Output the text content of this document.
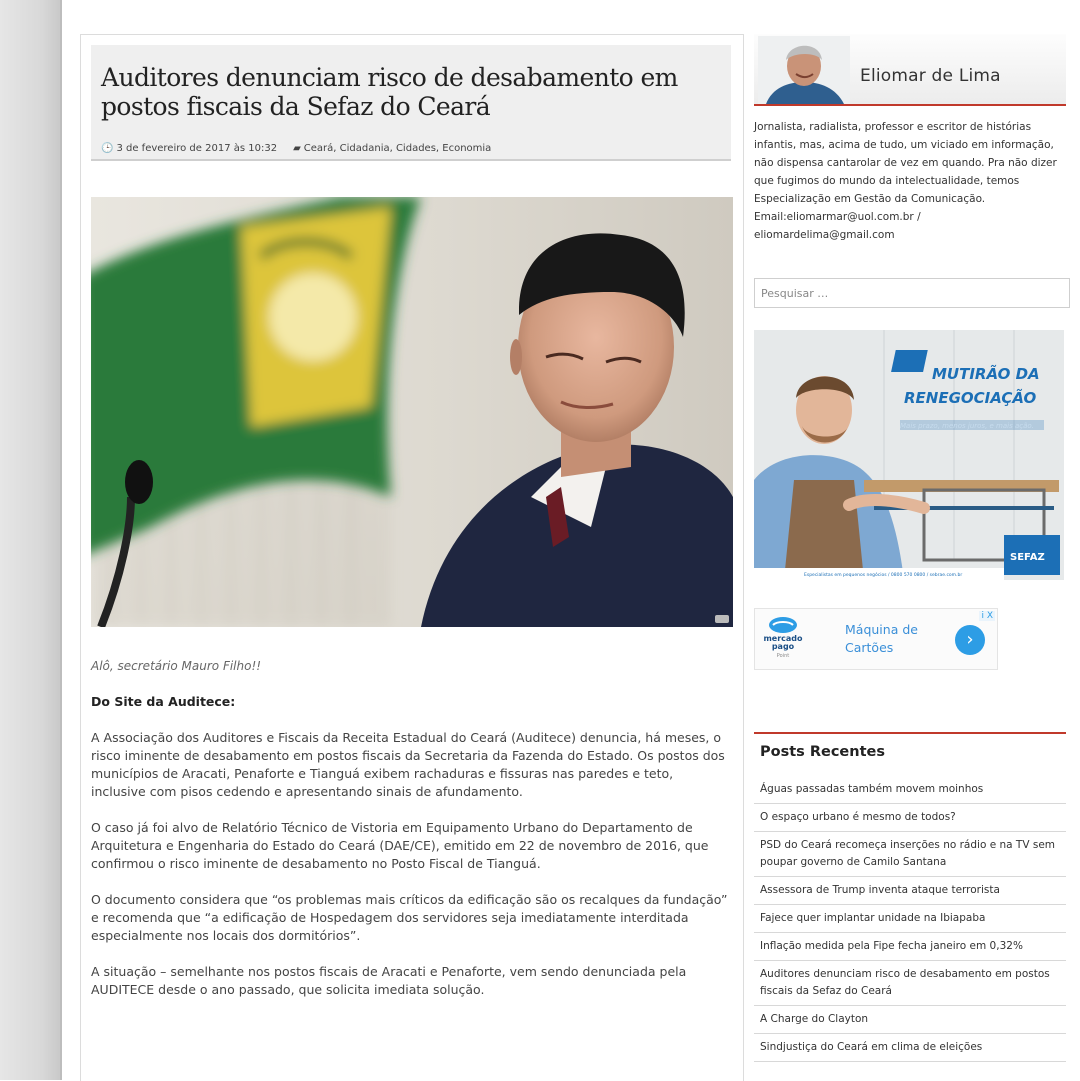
Auditores denunciam risco de desabamento em postos fiscais da Sefaz do Ceará
🕒 3 de fevereiro de 2017 às 10:32 ▰ Ceará, Cidadania, Cidades, Economia

Alô, secretário Mauro Filho!!

Do Site da Auditece:

A Associação dos Auditores e Fiscais da Receita Estadual do Ceará (Auditece) denuncia, há meses, o risco iminente de desabamento em postos fiscais da Secretaria da Fazenda do Estado. Os postos dos municípios de Aracati, Penaforte e Tianguá exibem rachaduras e fissuras nas paredes e teto, inclusive com pisos cedendo e apresentando sinais de afundamento.

O caso já foi alvo de Relatório Técnico de Vistoria em Equipamento Urbano do Departamento de Arquitetura e Engenharia do Estado do Ceará (DAE/CE), emitido em 22 de novembro de 2016, que confirmou o risco iminente de desabamento no Posto Fiscal de Tianguá.

O documento considera que “os problemas mais críticos da edificação são os recalques da fundação” e recomenda que “a edificação de Hospedagem dos servidores seja imediatamente interditada especialmente nos locais dos dormitórios”.

A situação – semelhante nos postos fiscais de Aracati e Penaforte, vem sendo denunciada pela AUDITECE desde o ano passado, que solicita imediata solução.

Eliomar de Lima
Jornalista, radialista, professor e escritor de histórias infantis, mas, acima de tudo, um viciado em informação, não dispensa cantarolar de vez em quando. Pra não dizer que fugimos do mundo da intelectualidade, temos Especialização em Gestão da Comunicação. Email:eliomarmar@uol.com.br / eliomardelima@gmail.com
Pesquisar …
MUTIRÃO DA
RENEGOCIAÇÃO
Mais prazo, menos juros, e mais ação.
SEFAZ
Especialistas em pequenos negócios / 0800 570 0800 / sebrae.com.br
mercado
pago
Point
Máquina de Cartões	›
i X
Posts Recentes
Águas passadas também movem moinhos
O espaço urbano é mesmo de todos?
PSD do Ceará recomeça inserções no rádio e na TV sem poupar governo de Camilo Santana
Assessora de Trump inventa ataque terrorista
Fajece quer implantar unidade na Ibiapaba
Inflação medida pela Fipe fecha janeiro em 0,32%
Auditores denunciam risco de desabamento em postos fiscais da Sefaz do Ceará
A Charge do Clayton
Sindjustiça do Ceará em clima de eleições
